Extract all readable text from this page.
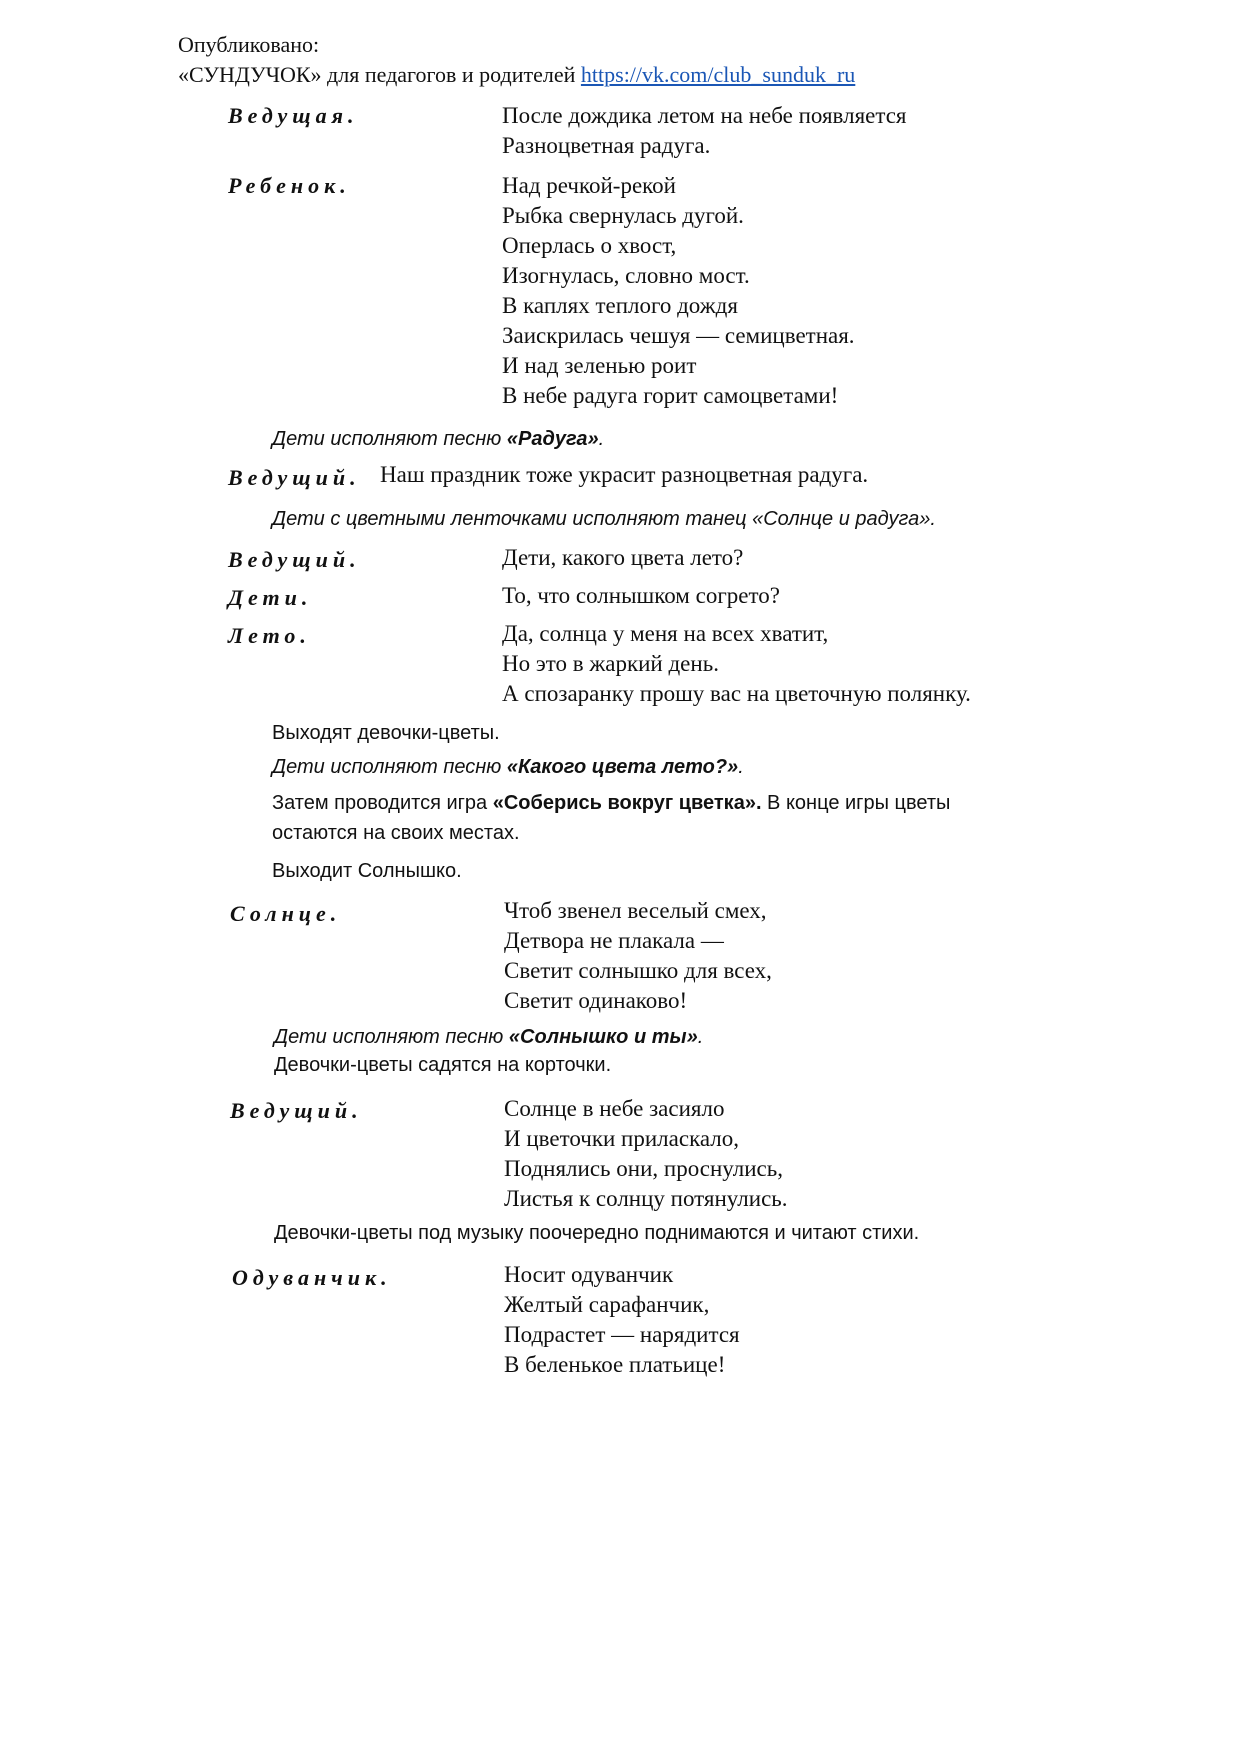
Опубликовано:
«СУНДУЧОК» для педагогов и родителей https://vk.com/club_sunduk_ru
Ведущая.	После дождика летом на небе появляется
Разноцветная радуга.
Ребенок.	Над речкой-рекой
Рыбка свернулась дугой.
Оперлась о хвост,
Изогнулась, словно мост.
В каплях теплого дождя
Заискрилась чешуя — семицветная.
И над зеленью роит
В небе радуга горит самоцветами!
Дети исполняют песню «Радуга».
Ведущий. Наш праздник тоже украсит разноцветная радуга.
Дети с цветными ленточками исполняют танец «Солнце и радуга».
Ведущий.	Дети, какого цвета лето?
Дети.	То, что солнышком согрето?
Лето.	Да, солнца у меня на всех хватит,
Но это в жаркий день.
А спозаранку прошу вас на цветочную полянку.
Выходят девочки-цветы.
Дети исполняют песню «Какого цвета лето?».
Затем проводится игра «Соберись вокруг цветка». В конце игры цветы
остаются на своих местах.
Выходит Солнышко.
Солнце.	Чтоб звенел веселый смех,
Детвора не плакала —
Светит солнышко для всех,
Светит одинаково!
Дети исполняют песню «Солнышко и ты».
Девочки-цветы садятся на корточки.
Ведущий.	Солнце в небе засияло
И цветочки приласкало,
Поднялись они, проснулись,
Листья к солнцу потянулись.
Девочки-цветы под музыку поочередно поднимаются и читают стихи.
Одуванчик.	Носит одуванчик
Желтый сарафанчик,
Подрастет — нарядится
В беленькое платьице!
